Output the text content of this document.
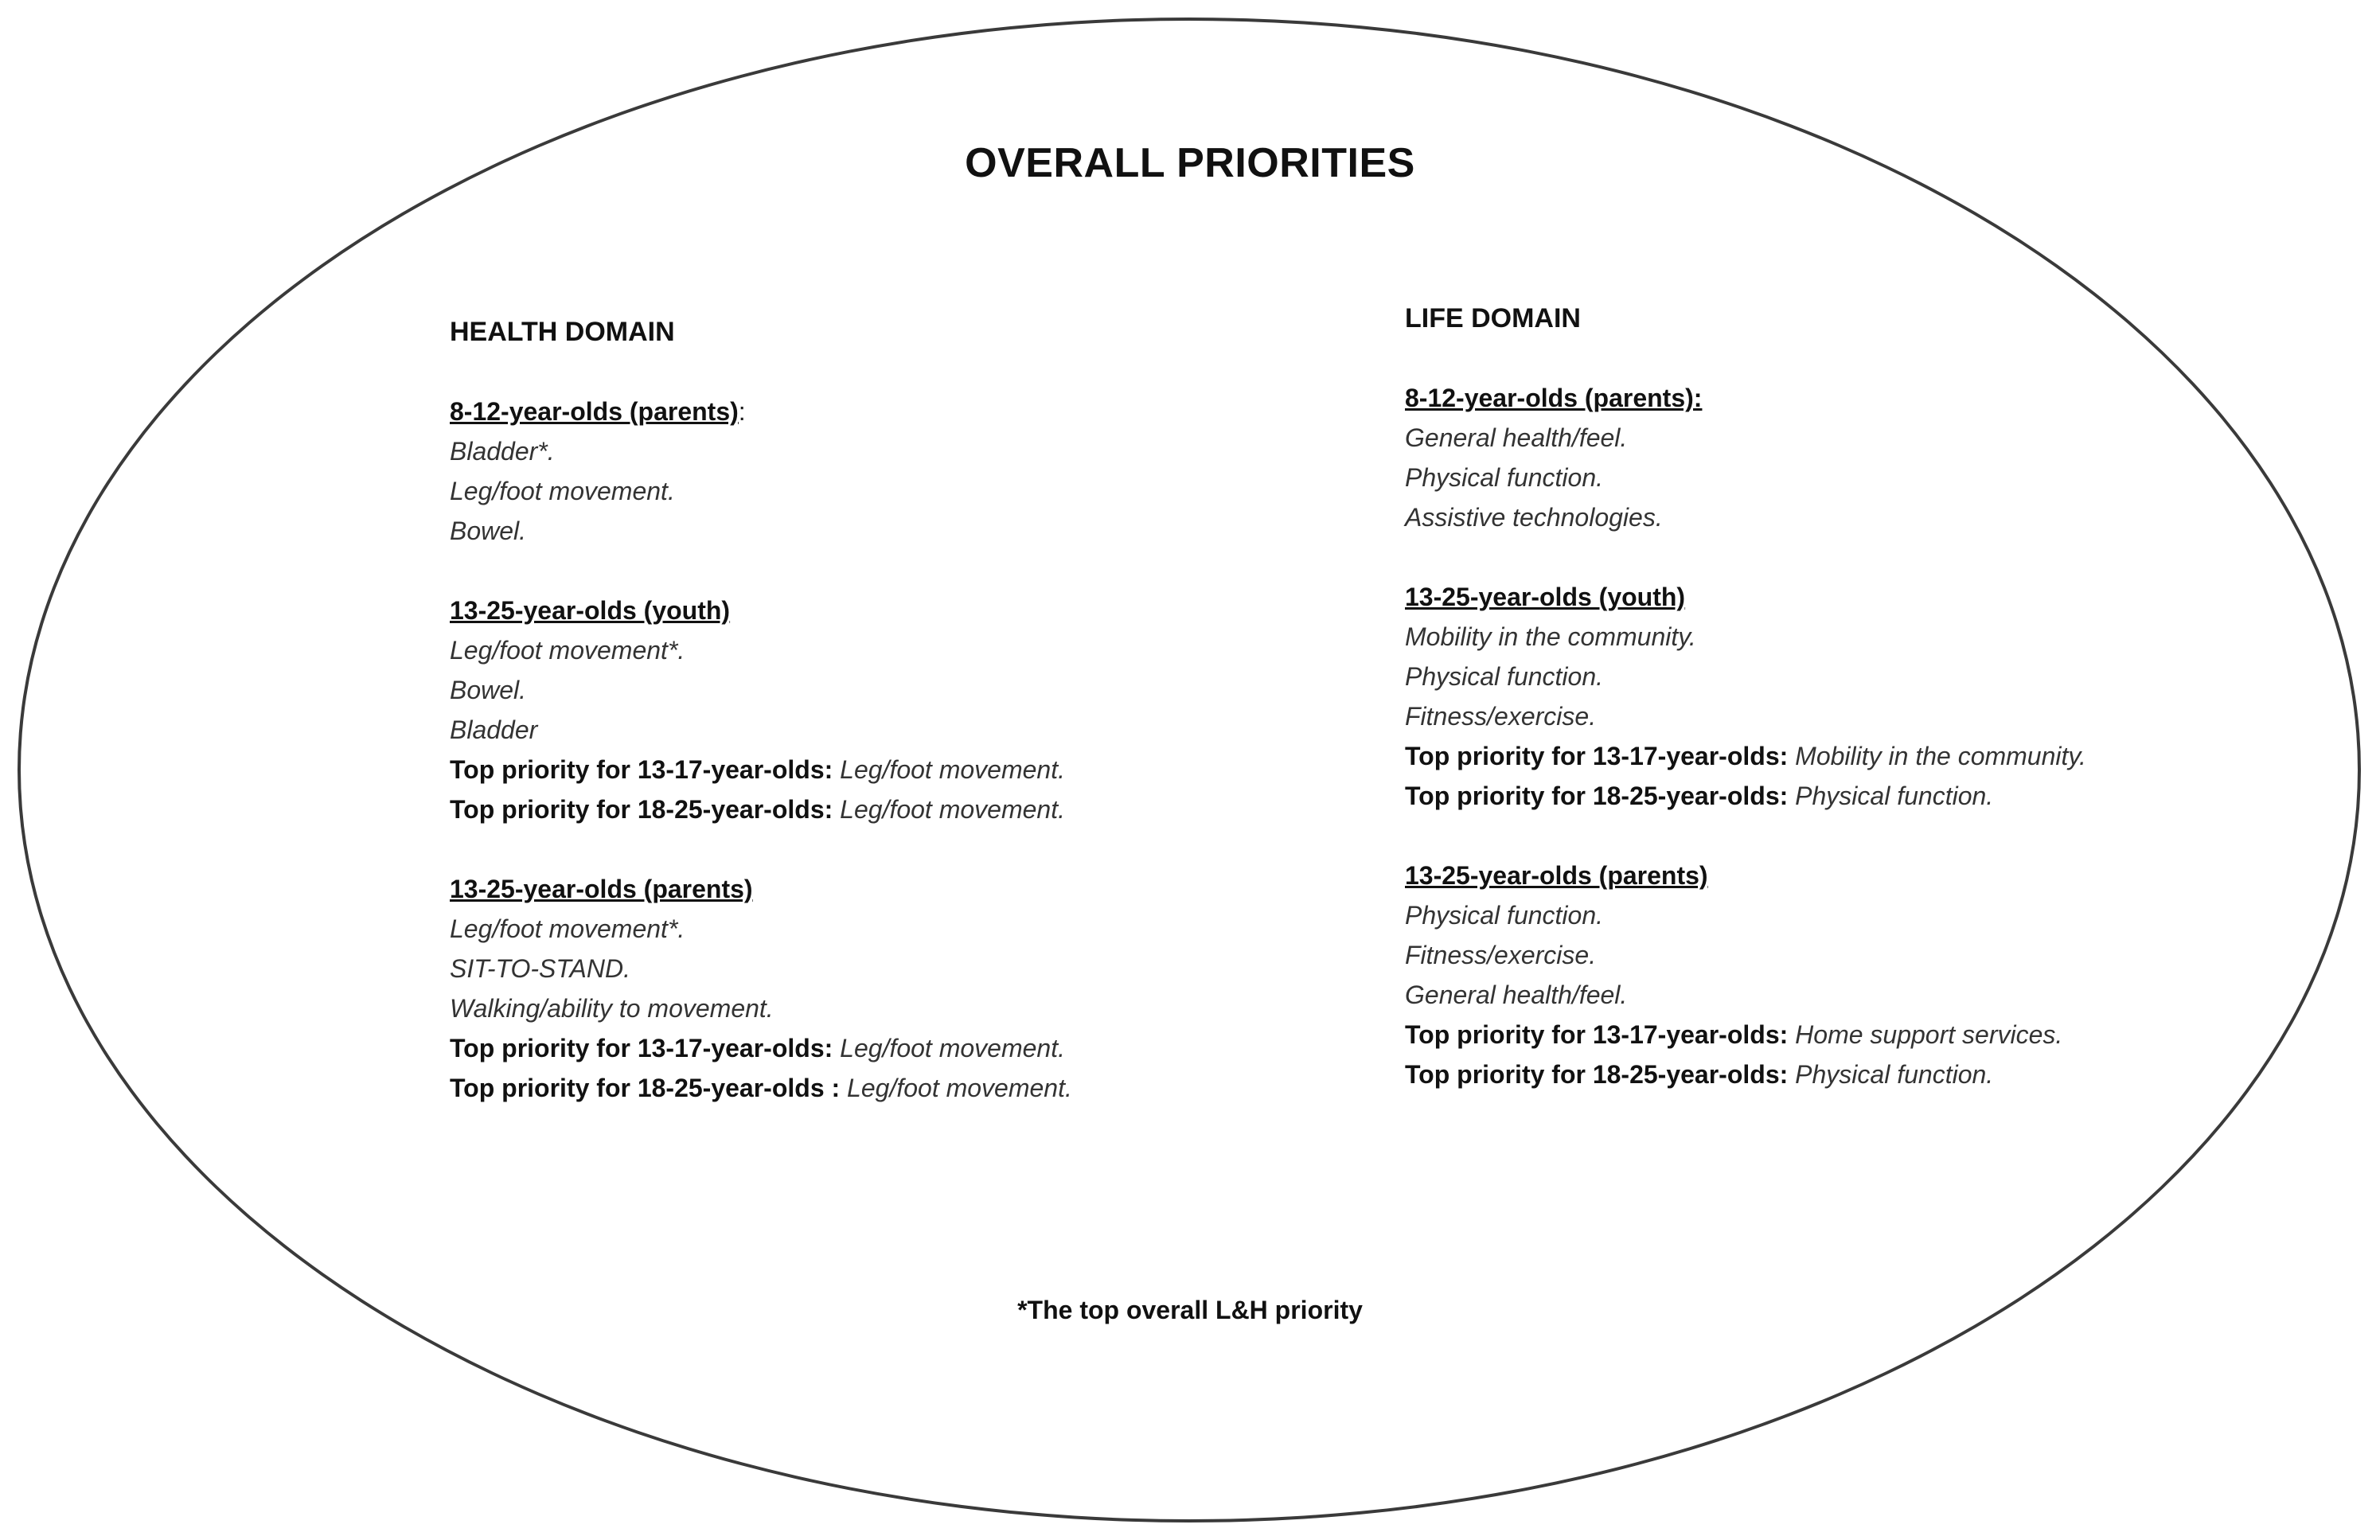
OVERALL PRIORITIES
HEALTH DOMAIN
8-12-year-olds (parents):
Bladder*.
Leg/foot movement.
Bowel.
13-25-year-olds (youth)
Leg/foot movement*.
Bowel.
Bladder
Top priority for 13-17-year-olds: Leg/foot movement.
Top priority for 18-25-year-olds: Leg/foot movement.
13-25-year-olds (parents)
Leg/foot movement*.
SIT-TO-STAND.
Walking/ability to movement.
Top priority for 13-17-year-olds: Leg/foot movement.
Top priority for 18-25-year-olds : Leg/foot movement.
LIFE DOMAIN
8-12-year-olds (parents):
General health/feel.
Physical function.
Assistive technologies.
13-25-year-olds (youth)
Mobility in the community.
Physical function.
Fitness/exercise.
Top priority for 13-17-year-olds: Mobility in the community.
Top priority for 18-25-year-olds: Physical function.
13-25-year-olds (parents)
Physical function.
Fitness/exercise.
General health/feel.
Top priority for 13-17-year-olds: Home support services.
Top priority for 18-25-year-olds: Physical function.
*The top overall L&H priority
